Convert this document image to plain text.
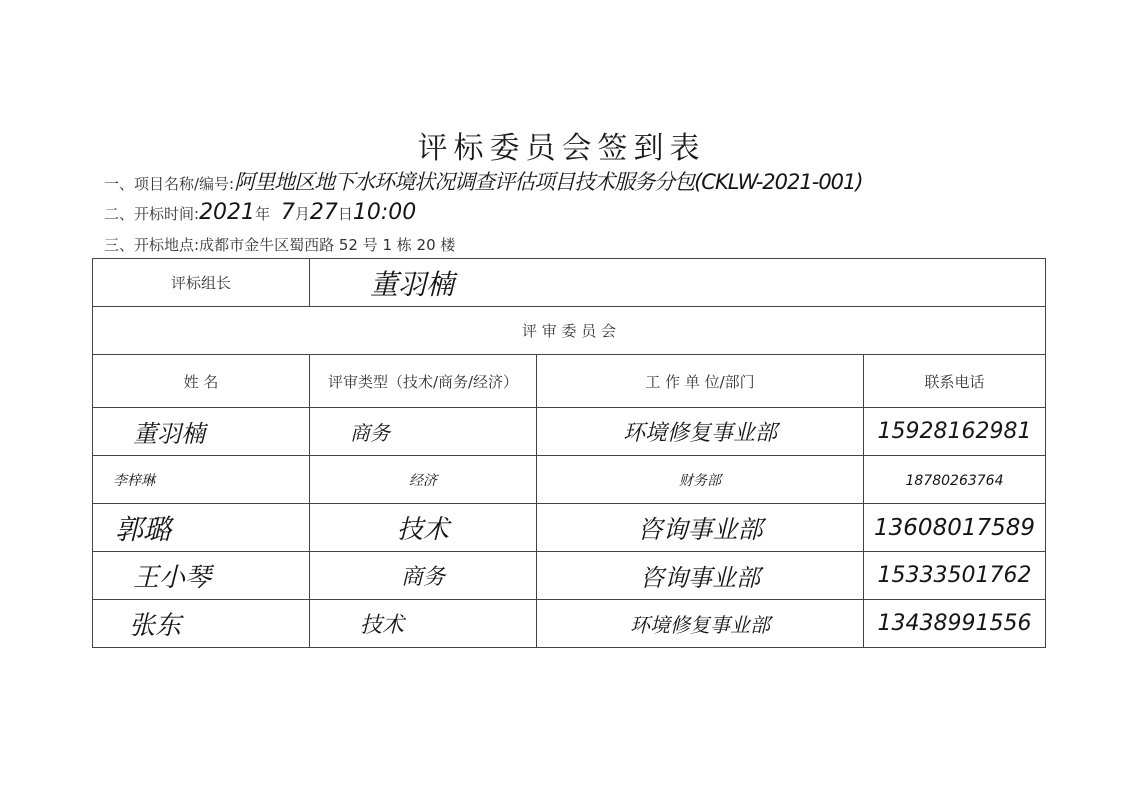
评标委员会签到表
一、项目名称/编号:阿里地区地下水环境状况调查评估项目技术服务分包(CKLW-2021-001)
二、开标时间:2021年 7月27日10:00
三、开标地点:成都市金牛区蜀西路 52 号 1 栋 20 楼
评标组长	董羽楠		
评 审 委 员 会			
姓 名	评审类型（技术/商务/经济）	工 作 单 位/部门	联系电话
董羽楠	商务	环境修复事业部	15928162981
李梓琳	经济	财务部	18780263764
郭璐	技术	咨询事业部	13608017589
王小琴	商务	咨询事业部	15333501762
张东	技术	环境修复事业部	13438991556
